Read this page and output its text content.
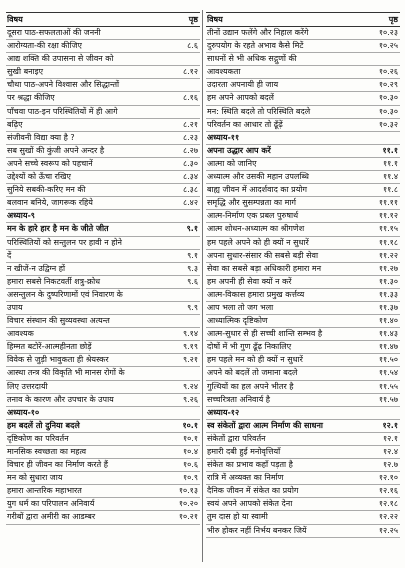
विषय	पृष्ठ
दूसरा पाठ-सफलताओं की जननी
आरोग्यता-की रक्षा कीजिए	८.६
आद्य शक्ति की उपासना से जीवन को
सुखी बनाइए	८.१२
चौथा पाठ-अपने विश्वास और सिद्धान्तों
पर श्रद्धा कीजिए	८.१६
पाँचवा पाठ-इन परिस्थितियों में ही आगे
बढ़िए	८.२१
संजीवनी विद्या क्या है ?	८.२३
सब सुखों की कुंजी अपने अन्दर है	८.२७
अपने सच्चे स्वरूप को पहचानें	८.३०
उद्देश्यों को ऊँचा रखिए	८.३४
सुनिये सबकी-करिए मन की	८.३८
बलवान बनिये, जागरूक रहिये	८.४२
अध्याय-९
मन के हारे हार है मन के जीते जीत	९.१
परिस्थितियों को सन्तुलन पर हावी न होने
दें	९.१
न खीजें-न उद्विग्न हों	९.३
हमारा सबसे निकटवर्ती शत्रु-क्रोध	९.६
असन्तुलन के दुष्परिणामों एवं निवारण के
उपाय	९.९
विचार संस्थान की सुव्यवस्था अत्यन्त
आवश्यक	९.१४
हिम्मत बटोरें-आत्महीनता छोड़ें	९.१९
विवेक से जुड़ी भावुकता ही श्रेयस्कर	९.२१
आस्था तन्त्र की विकृति भी मानस रोगों के
लिए उत्तरदायी	९.२४
तनाव के कारण और उपचार के उपाय	९.२६
अध्याय-१०
हम बदलें तो दुनिया बदले	१०.१
दृष्टिकोण का परिवर्तन	१०.१
मानसिक स्वच्छता का महत्व	१०.४
विचार ही जीवन का निर्माण करते हैं	१०.६
मन को सुधारा जाय	१०.९
हमारा आन्तरिक महाभारत	१०.१३
युग धर्म का परिपालन अनिवार्य	१०.२०
गरीबों द्वारा अमीरी का आडम्बर	१०.२१
विषय	पृष्ठ
तीनों उद्यान फलेंगे और निहाल करेंगे	१०.२३
दुरुपयोग के रहते अभाव कैसे मिटें	१०.२५
साधनों से भी अधिक सद्गुणों की
आवश्यकता	१०.२६
उदारता अपनायी ही जाय	१०.२९
हम अपने आपको बदलें	१०.३०
मन: स्थिति बदले तो परिस्थिति बदले	१०.३०
परिवर्तन का आधार तो ढूँढ़ें	१०.३२
अध्याय-११
अपना उद्धार आप करें	११.१
आत्मा को जानिए	११.१
अध्यात्म और उसकी महान उपलब्धि	११.४
बाह्य जीवन में आदर्शवाद का प्रयोग	११.८
समृद्धि और सुसम्पन्नता का मार्ग	११.११
आत्म-निर्माण एक प्रबल पुरुषार्थ	११.१२
आत्म शोधन-अध्यात्म का श्रीगणेश	११.१५
हम पहले अपने को ही क्यों न सुधारें	११.१८
अपना सुधार-संसार की सबसे बड़ी सेवा	११.२२
सेवा का सबसे बड़ा अधिकारी हमारा मन	११.२७
हम अपनी ही सेवा क्यों न करें	११.३०
आत्म-विकास हमारा प्रमुख कर्त्तव्य	११.३३
आप भला तो जग भला	११.३७
आध्यात्मिक दृष्टिकोण	११.४०
आत्म-सुधार से ही सच्ची शान्ति सम्भव है	११.४३
दोषों में भी गुण ढूँढ़ निकालिए	११.४७
हम पहले मन को ही क्यों न सुधारें	११.५०
अपने को बदलें तो जमाना बदले	११.५४
गुत्थियों का हल अपने भीतर है	११.५५
सच्चरित्रता अनिवार्य है	११.५७
अध्याय-१२
स्व संकेतों द्वारा आत्म निर्माण की साधना	१२.१
संकेतों द्वारा परिवर्तन	१२.१
हमारी दबी हुई मनोवृत्तियाँ	१२.४
संकेत का प्रभाव कहाँ पड़ता है	१२.७
रात्रि में अव्यक्त का निर्माण	१२.१०
दैनिक जीवन में संकेत का प्रयोग	१२.१६
स्वयं अपने आपको संकेत देना	१२.१८
तुम दास हो या स्वामी	१२.२२
भीरु होकर नहीं निर्भय बनकर जियें	१२.२५
